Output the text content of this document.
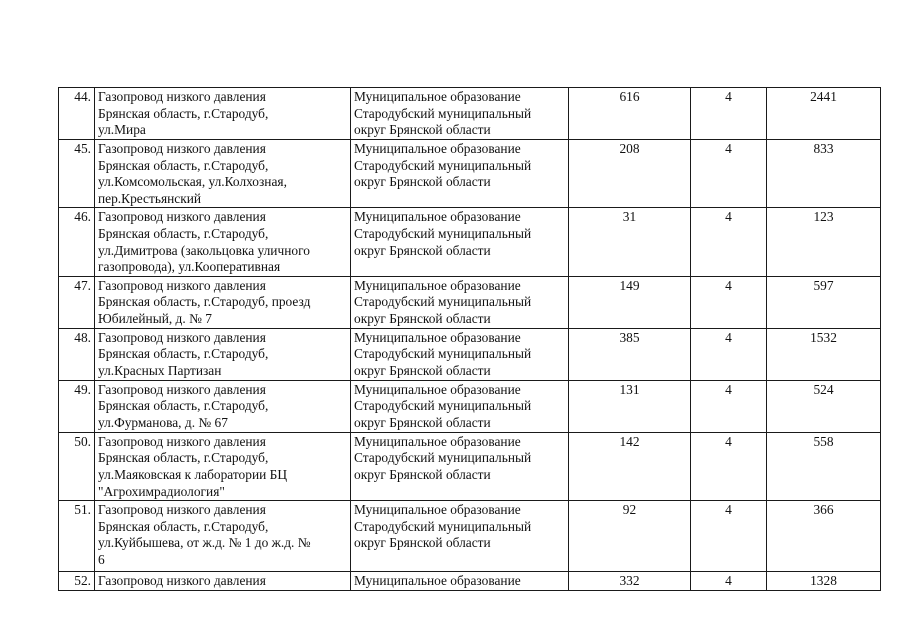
44.	Газопровод низкого давления
Брянская область, г.Стародуб,
ул.Мира	Муниципальное образование
Стародубский муниципальный
округ Брянской области	616	4	2441
45.	Газопровод низкого давления
Брянская область, г.Стародуб,
ул.Комсомольская, ул.Колхозная,
пер.Крестьянский	Муниципальное образование
Стародубский муниципальный
округ Брянской области	208	4	833
46.	Газопровод низкого давления
Брянская область, г.Стародуб,
ул.Димитрова (закольцовка уличного
газопровода), ул.Кооперативная	Муниципальное образование
Стародубский муниципальный
округ Брянской области	31	4	123
47.	Газопровод низкого давления
Брянская область, г.Стародуб, проезд
Юбилейный, д. № 7	Муниципальное образование
Стародубский муниципальный
округ Брянской области	149	4	597
48.	Газопровод низкого давления
Брянская область, г.Стародуб,
ул.Красных Партизан	Муниципальное образование
Стародубский муниципальный
округ Брянской области	385	4	1532
49.	Газопровод низкого давления
Брянская область, г.Стародуб,
ул.Фурманова, д. № 67	Муниципальное образование
Стародубский муниципальный
округ Брянской области	131	4	524
50.	Газопровод низкого давления
Брянская область, г.Стародуб,
ул.Маяковская к лаборатории БЦ
"Агрохимрадиология"	Муниципальное образование
Стародубский муниципальный
округ Брянской области	142	4	558
51.	Газопровод низкого давления
Брянская область, г.Стародуб,
ул.Куйбышева, от ж.д. № 1 до ж.д. №
6	Муниципальное образование
Стародубский муниципальный
округ Брянской области	92	4	366
52.	Газопровод низкого давления	Муниципальное образование	332	4	1328
